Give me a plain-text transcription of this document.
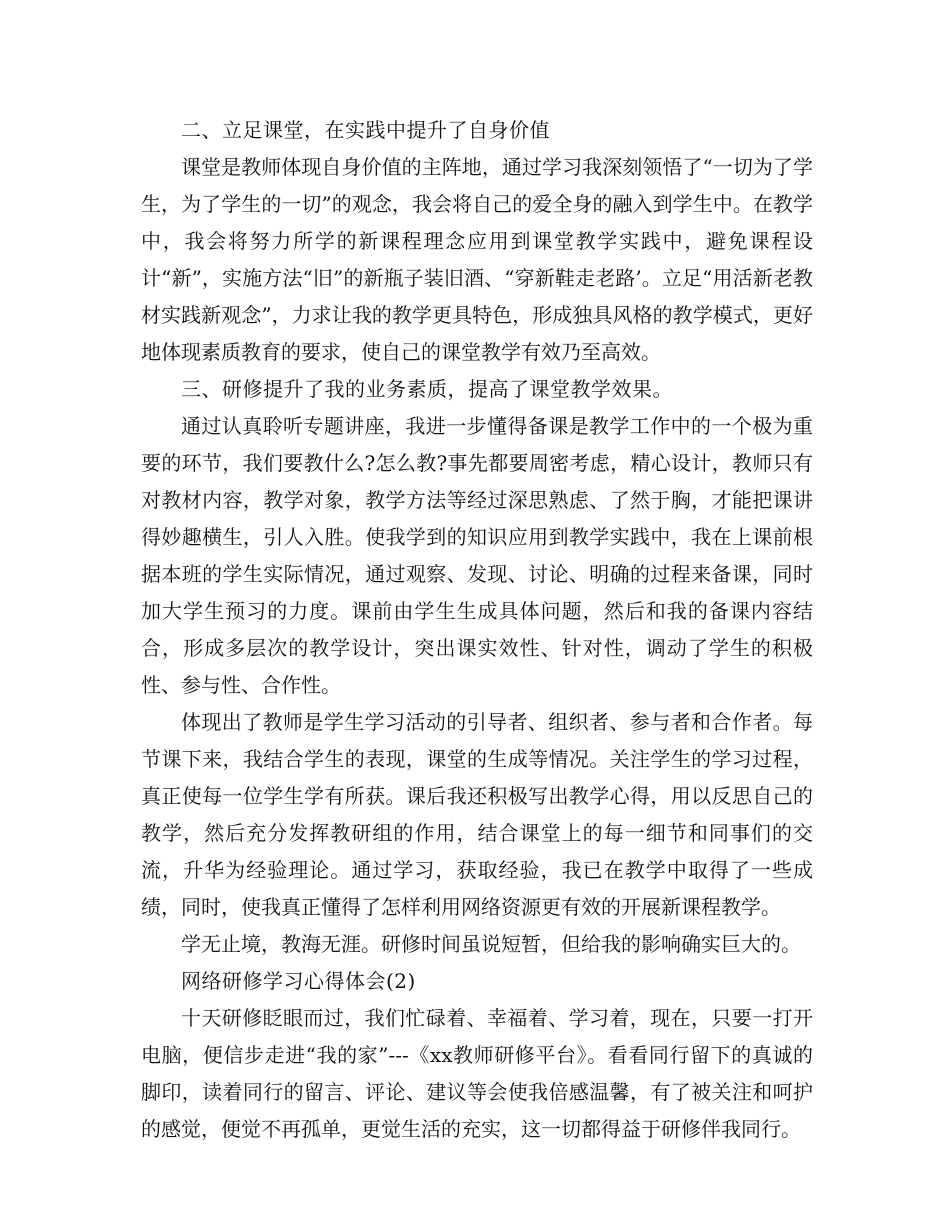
二、立足课堂，在实践中提升了自身价值

课堂是教师体现自身价值的主阵地，通过学习我深刻领悟了“一切为了学生，为了学生的一切”的观念，我会将自己的爱全身的融入到学生中。在教学中，我会将努力所学的新课程理念应用到课堂教学实践中，避免课程设计“新”，实施方法“旧”的新瓶子装旧酒、“穿新鞋走老路’。立足“用活新老教材实践新观念”，力求让我的教学更具特色，形成独具风格的教学模式，更好地体现素质教育的要求，使自己的课堂教学有效乃至高效。

三、研修提升了我的业务素质，提高了课堂教学效果。

通过认真聆听专题讲座，我进一步懂得备课是教学工作中的一个极为重要的环节，我们要教什么?怎么教?事先都要周密考虑，精心设计，教师只有对教材内容，教学对象，教学方法等经过深思熟虑、了然于胸，才能把课讲得妙趣横生，引人入胜。使我学到的知识应用到教学实践中，我在上课前根据本班的学生实际情况，通过观察、发现、讨论、明确的过程来备课，同时加大学生预习的力度。课前由学生生成具体问题，然后和我的备课内容结合，形成多层次的教学设计，突出课实效性、针对性，调动了学生的积极性、参与性、合作性。

体现出了教师是学生学习活动的引导者、组织者、参与者和合作者。每节课下来，我结合学生的表现，课堂的生成等情况。关注学生的学习过程，真正使每一位学生学有所获。课后我还积极写出教学心得，用以反思自己的教学，然后充分发挥教研组的作用，结合课堂上的每一细节和同事们的交流，升华为经验理论。通过学习，获取经验，我已在教学中取得了一些成绩，同时，使我真正懂得了怎样利用网络资源更有效的开展新课程教学。

学无止境，教海无涯。研修时间虽说短暂，但给我的影响确实巨大的。

网络研修学习心得体会(2)

十天研修眨眼而过，我们忙碌着、幸福着、学习着，现在，只要一打开电脑，便信步走进“我的家”---《xx教师研修平台》。看看同行留下的真诚的脚印，读着同行的留言、评论、建议等会使我倍感温馨，有了被关注和呵护的感觉，便觉不再孤单，更觉生活的充实，这一切都得益于研修伴我同行。
